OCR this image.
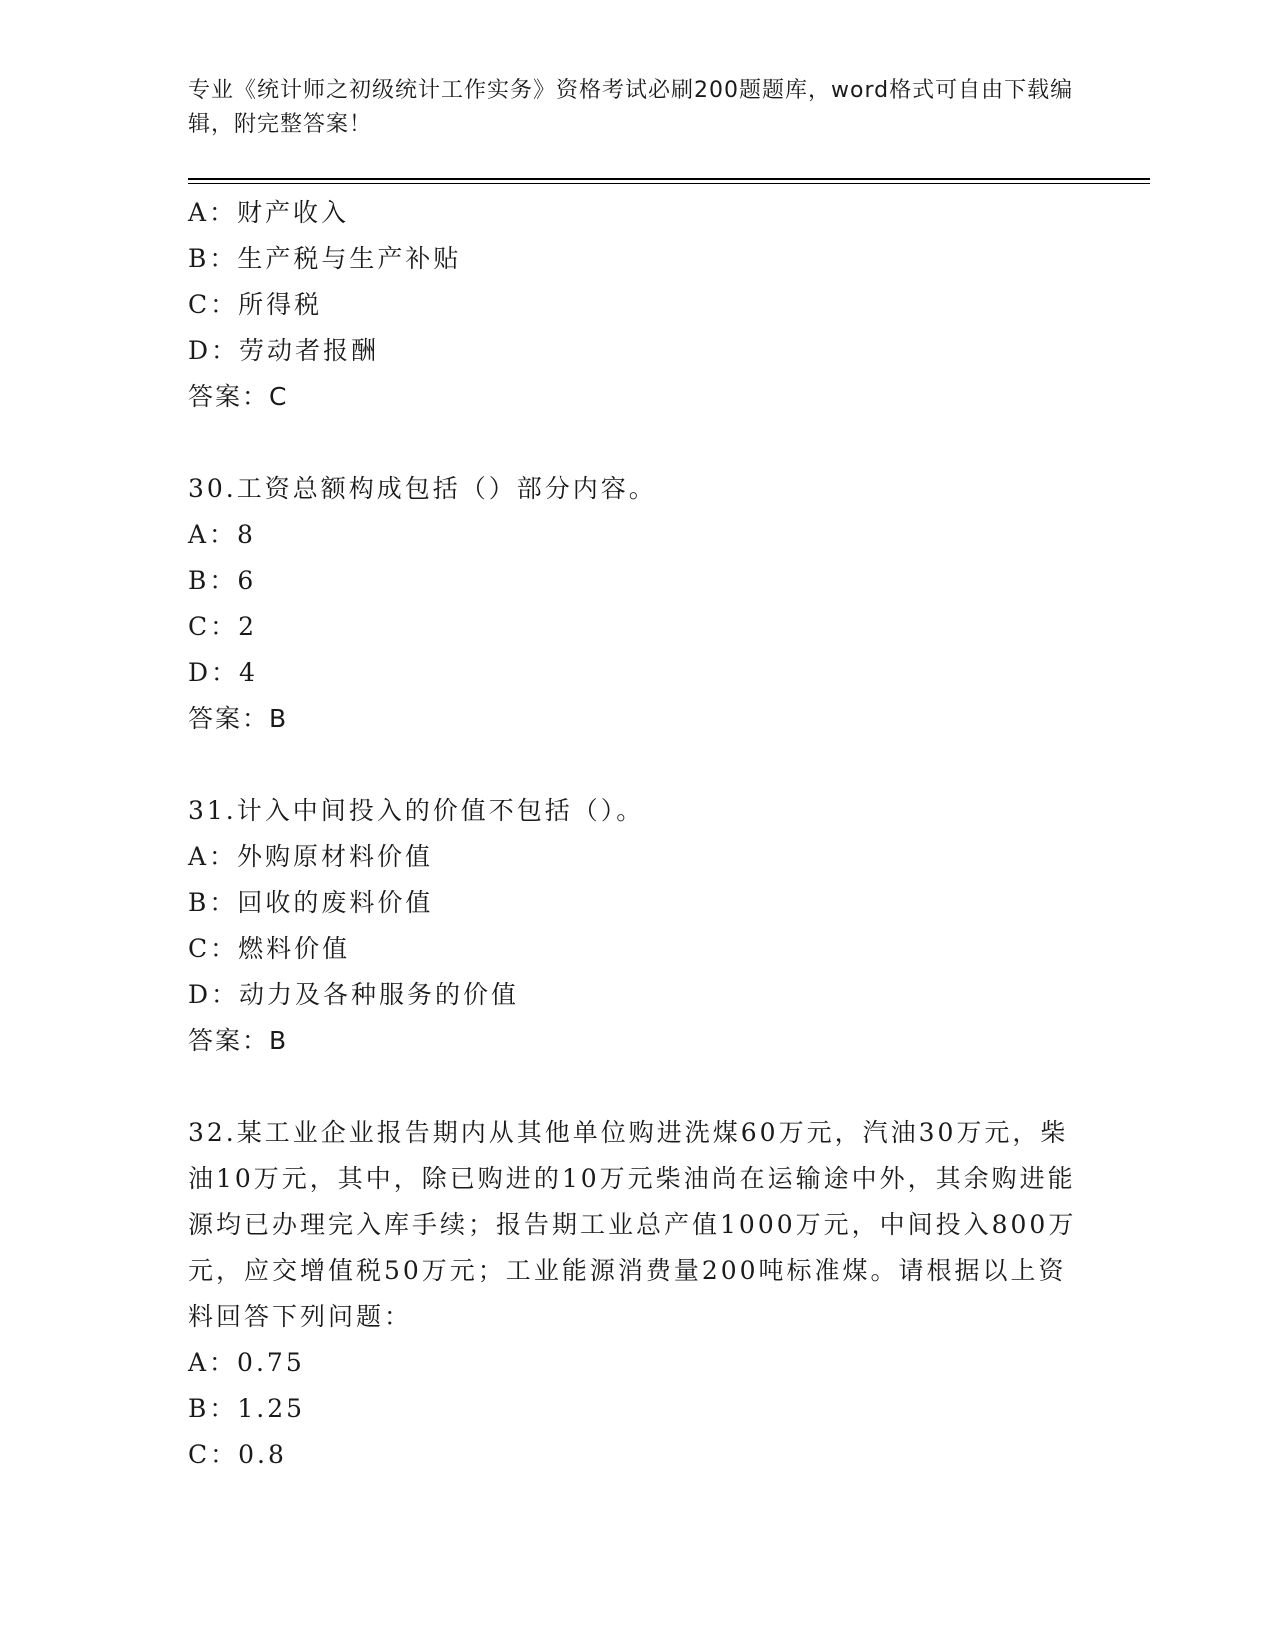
专业《统计师之初级统计工作实务》资格考试必刷200题题库，word格式可自由下载编辑，附完整答案！

A：财产收入
B：生产税与生产补贴
C：所得税
D：劳动者报酬
答案：C
30.工资总额构成包括（）部分内容。
A：8
B：6
C：2
D：4
答案：B
31.计入中间投入的价值不包括（）。
A：外购原材料价值
B：回收的废料价值
C：燃料价值
D：动力及各种服务的价值
答案：B
32.某工业企业报告期内从其他单位购进洗煤60万元，汽油30万元，柴油10万元，其中，除已购进的10万元柴油尚在运输途中外，其余购进能源均已办理完入库手续；报告期工业总产值1000万元，中间投入800万元，应交增值税50万元；工业能源消费量200吨标准煤。请根据以上资料回答下列问题：
A：0.75
B：1.25
C：0.8
